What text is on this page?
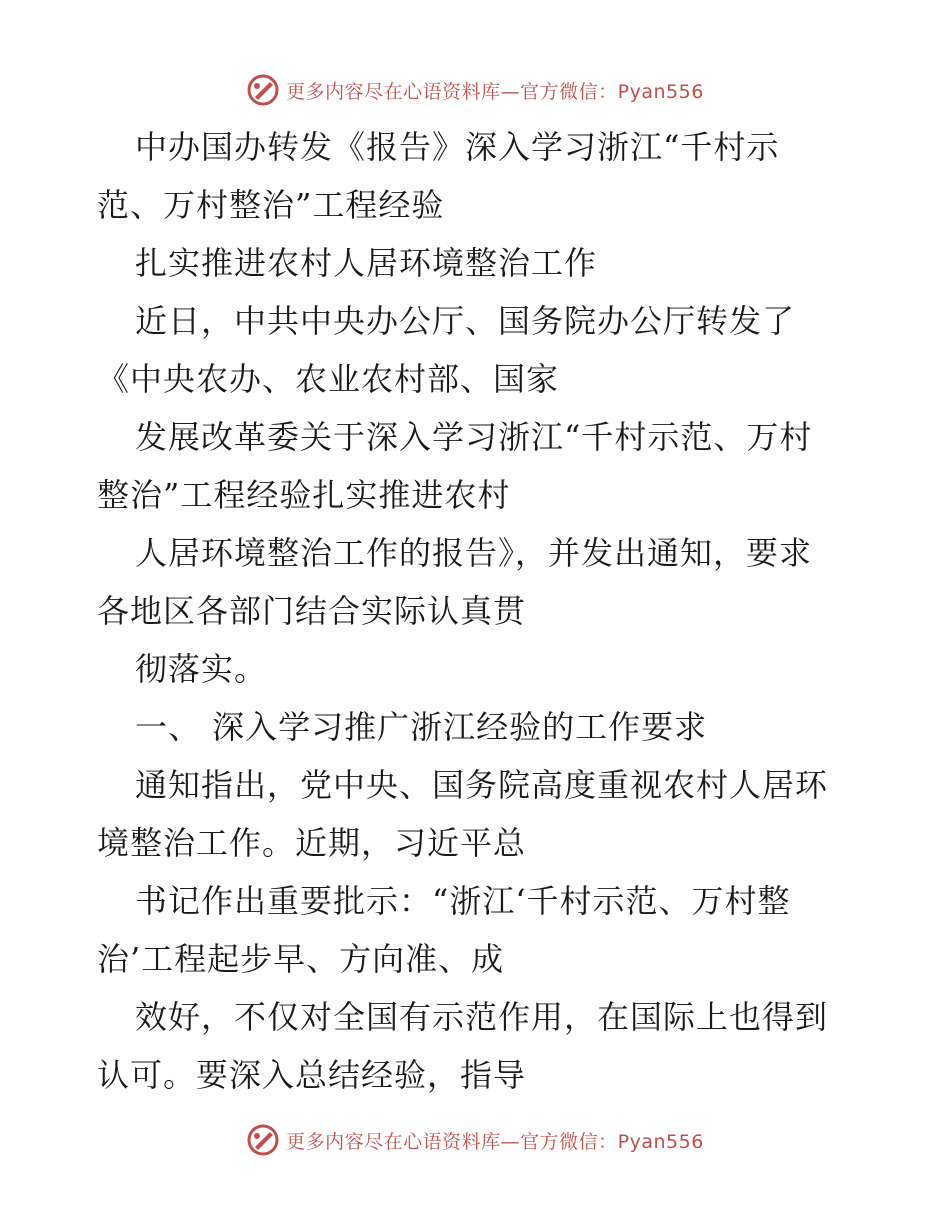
更多内容尽在心语资料库—官方微信：Pyan556
中办国办转发《报告》深入学习浙江“千村示
范、万村整治”工程经验
扎实推进农村人居环境整治工作
近日，中共中央办公厅、国务院办公厅转发了
《中央农办、农业农村部、国家
发展改革委关于深入学习浙江“千村示范、万村
整治”工程经验扎实推进农村
人居环境整治工作的报告》，并发出通知，要求
各地区各部门结合实际认真贯
彻落实。
一、 深入学习推广浙江经验的工作要求
通知指出，党中央、国务院高度重视农村人居环
境整治工作。近期，习近平总
书记作出重要批示：“浙江‘千村示范、万村整
治’工程起步早、方向准、成
效好，不仅对全国有示范作用，在国际上也得到
认可。要深入总结经验，指导
更多内容尽在心语资料库—官方微信：Pyan556
